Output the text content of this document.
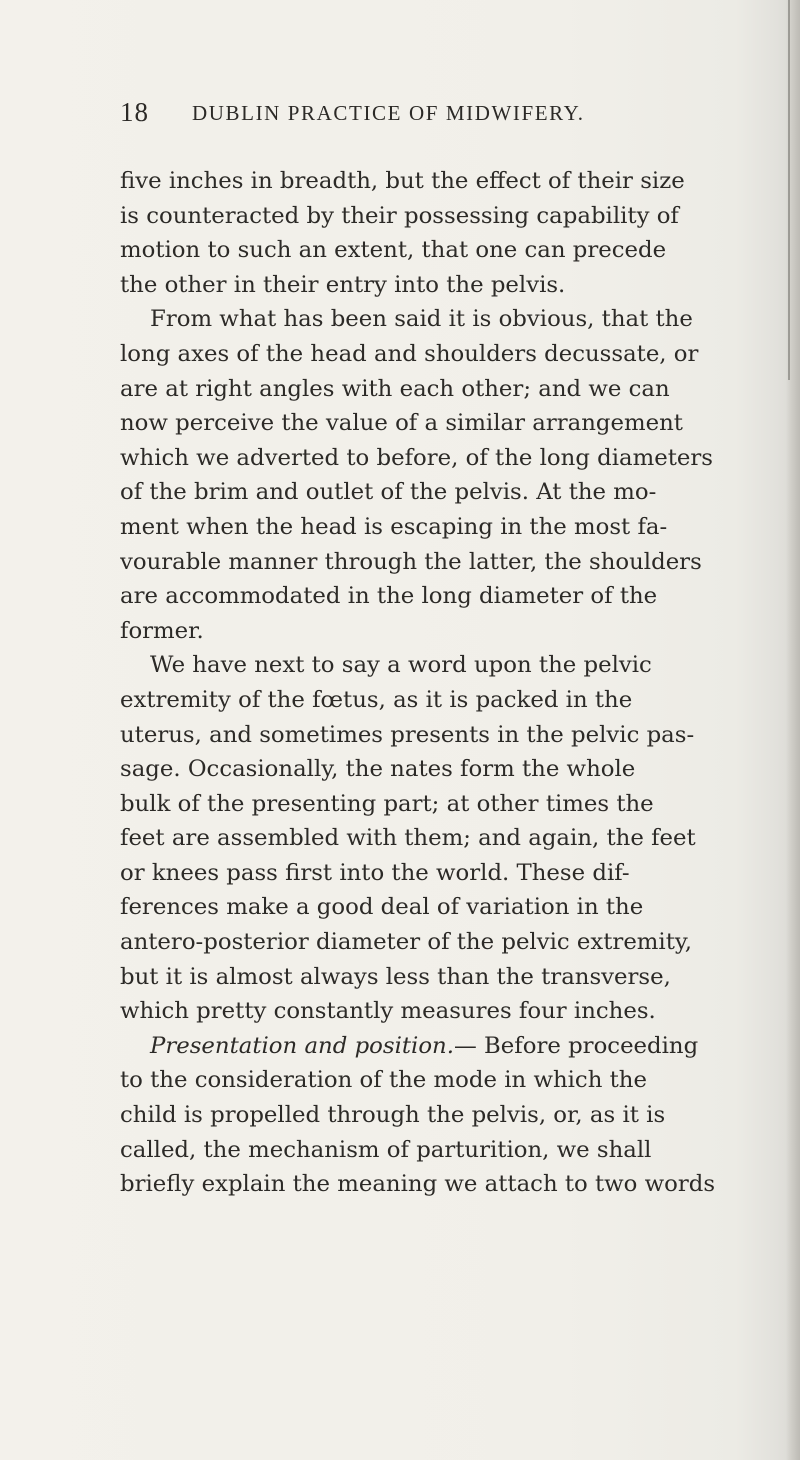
18 DUBLIN PRACTICE OF MIDWIFERY.
five inches in breadth, but the effect of their size
is counteracted by their possessing capability of
motion to such an extent, that one can precede
the other in their entry into the pelvis.
From what has been said it is obvious, that the
long axes of the head and shoulders decussate, or
are at right angles with each other; and we can
now perceive the value of a similar arrangement
which we adverted to before, of the long diameters
of the brim and outlet of the pelvis. At the mo-
ment when the head is escaping in the most fa-
vourable manner through the latter, the shoulders
are accommodated in the long diameter of the
former.
We have next to say a word upon the pelvic
extremity of the fœtus, as it is packed in the
uterus, and sometimes presents in the pelvic pas-
sage. Occasionally, the nates form the whole
bulk of the presenting part; at other times the
feet are assembled with them; and again, the feet
or knees pass first into the world. These dif-
ferences make a good deal of variation in the
antero-posterior diameter of the pelvic extremity,
but it is almost always less than the transverse,
which pretty constantly measures four inches.
Presentation and position.— Before proceeding
to the consideration of the mode in which the
child is propelled through the pelvis, or, as it is
called, the mechanism of parturition, we shall
briefly explain the meaning we attach to two words
